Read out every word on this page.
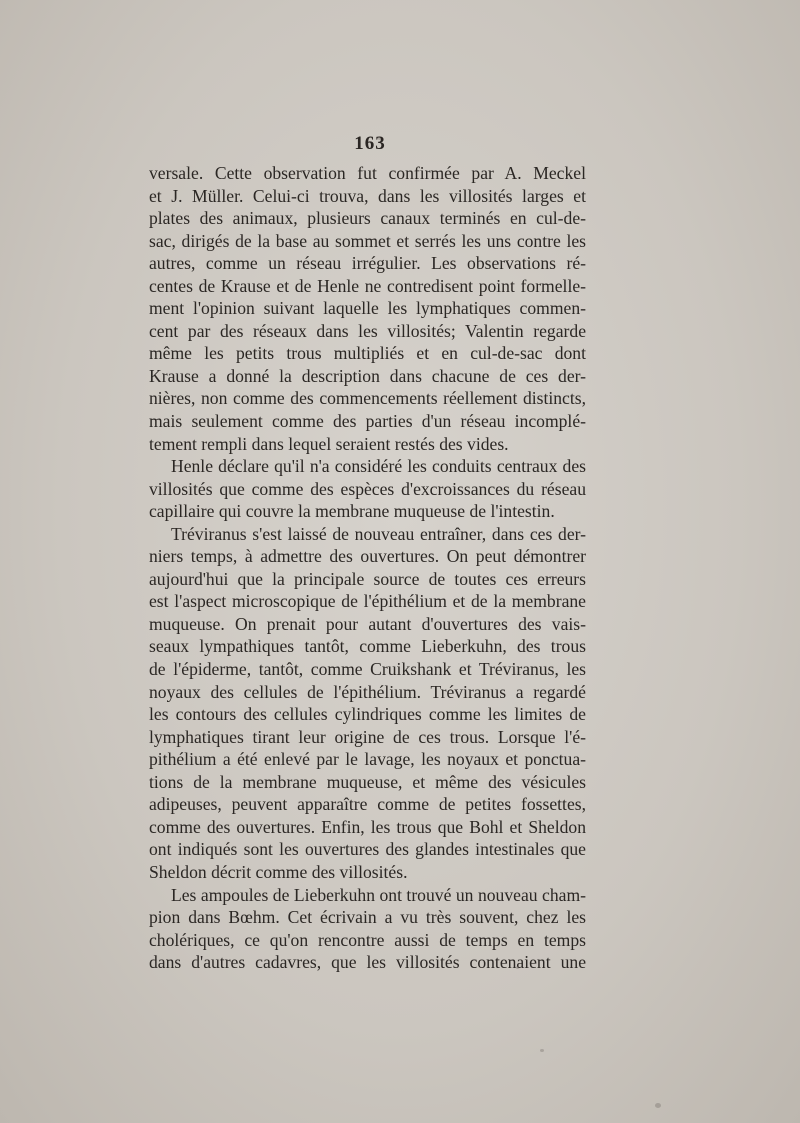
163
versale. Cette observation fut confirmée par A. Meckel
et J. Müller. Celui-ci trouva, dans les villosités larges et
plates des animaux, plusieurs canaux terminés en cul-de-
sac, dirigés de la base au sommet et serrés les uns contre les
autres, comme un réseau irrégulier. Les observations ré-
centes de Krause et de Henle ne contredisent point formelle-
ment l'opinion suivant laquelle les lymphatiques commen-
cent par des réseaux dans les villosités; Valentin regarde
même les petits trous multipliés et en cul-de-sac dont
Krause a donné la description dans chacune de ces der-
nières, non comme des commencements réellement distincts,
mais seulement comme des parties d'un réseau incomplé-
tement rempli dans lequel seraient restés des vides.
Henle déclare qu'il n'a considéré les conduits centraux des
villosités que comme des espèces d'excroissances du réseau
capillaire qui couvre la membrane muqueuse de l'intestin.
Tréviranus s'est laissé de nouveau entraîner, dans ces der-
niers temps, à admettre des ouvertures. On peut démontrer
aujourd'hui que la principale source de toutes ces erreurs
est l'aspect microscopique de l'épithélium et de la membrane
muqueuse. On prenait pour autant d'ouvertures des vais-
seaux lympathiques tantôt, comme Lieberkuhn, des trous
de l'épiderme, tantôt, comme Cruikshank et Tréviranus, les
noyaux des cellules de l'épithélium. Tréviranus a regardé
les contours des cellules cylindriques comme les limites de
lymphatiques tirant leur origine de ces trous. Lorsque l'é-
pithélium a été enlevé par le lavage, les noyaux et ponctua-
tions de la membrane muqueuse, et même des vésicules
adipeuses, peuvent apparaître comme de petites fossettes,
comme des ouvertures. Enfin, les trous que Bohl et Sheldon
ont indiqués sont les ouvertures des glandes intestinales que
Sheldon décrit comme des villosités.
Les ampoules de Lieberkuhn ont trouvé un nouveau cham-
pion dans Bœhm. Cet écrivain a vu très souvent, chez les
cholériques, ce qu'on rencontre aussi de temps en temps
dans d'autres cadavres, que les villosités contenaient une
